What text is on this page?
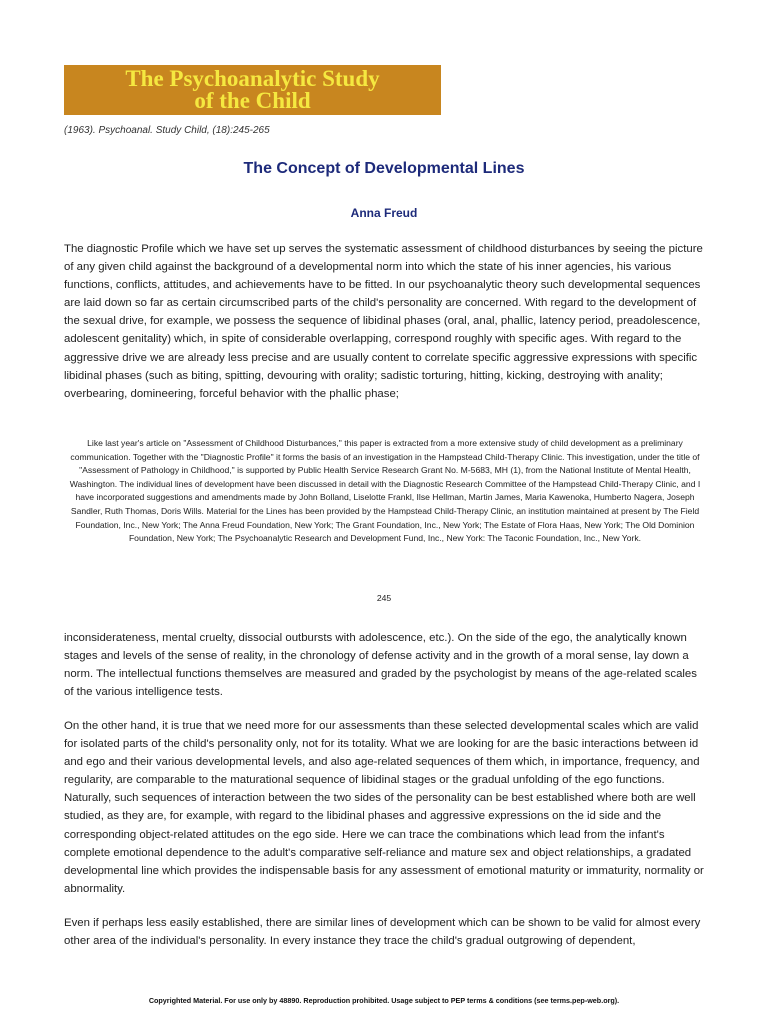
The Psychoanalytic Study
of the Child
(1963). Psychoanal. Study Child, (18):245-265
The Concept of Developmental Lines
Anna Freud

The diagnostic Profile which we have set up serves the systematic assessment of childhood disturbances by seeing the picture of any given child against the background of a developmental norm into which the state of his inner agencies, his various functions, conflicts, attitudes, and achievements have to be fitted. In our psychoanalytic theory such developmental sequences are laid down so far as certain circumscribed parts of the child's personality are concerned. With regard to the development of the sexual drive, for example, we possess the sequence of libidinal phases (oral, anal, phallic, latency period, preadolescence, adolescent genitality) which, in spite of considerable overlapping, correspond roughly with specific ages. With regard to the aggressive drive we are already less precise and are usually content to correlate specific aggressive expressions with specific libidinal phases (such as biting, spitting, devouring with orality; sadistic torturing, hitting, kicking, destroying with anality; overbearing, domineering, forceful behavior with the phallic phase;

Like last year's article on "Assessment of Childhood Disturbances," this paper is extracted from a more extensive study of child development as a preliminary communication. Together with the "Diagnostic Profile" it forms the basis of an investigation in the Hampstead Child-Therapy Clinic. This investigation, under the title of "Assessment of Pathology in Childhood," is supported by Public Health Service Research Grant No. M-5683, MH (1), from the National Institute of Mental Health, Washington. The individual lines of development have been discussed in detail with the Diagnostic Research Committee of the Hampstead Child-Therapy Clinic, and I have incorporated suggestions and amendments made by John Bolland, Liselotte Frankl, Ilse Hellman, Martin James, Maria Kawenoka, Humberto Nagera, Joseph Sandler, Ruth Thomas, Doris Wills. Material for the Lines has been provided by the Hampstead Child-Therapy Clinic, an institution maintained at present by The Field Foundation, Inc., New York; The Anna Freud Foundation, New York; The Grant Foundation, Inc., New York; The Estate of Flora Haas, New York; The Old Dominion Foundation, New York; The Psychoanalytic Research and Development Fund, Inc., New York: The Taconic Foundation, Inc., New York.

245

inconsiderateness, mental cruelty, dissocial outbursts with adolescence, etc.). On the side of the ego, the analytically known stages and levels of the sense of reality, in the chronology of defense activity and in the growth of a moral sense, lay down a norm. The intellectual functions themselves are measured and graded by the psychologist by means of the age-related scales of the various intelligence tests.

On the other hand, it is true that we need more for our assessments than these selected developmental scales which are valid for isolated parts of the child's personality only, not for its totality. What we are looking for are the basic interactions between id and ego and their various developmental levels, and also age-related sequences of them which, in importance, frequency, and regularity, are comparable to the maturational sequence of libidinal stages or the gradual unfolding of the ego functions. Naturally, such sequences of interaction between the two sides of the personality can be best established where both are well studied, as they are, for example, with regard to the libidinal phases and aggressive expressions on the id side and the corresponding object-related attitudes on the ego side. Here we can trace the combinations which lead from the infant's complete emotional dependence to the adult's comparative self-reliance and mature sex and object relationships, a gradated developmental line which provides the indispensable basis for any assessment of emotional maturity or immaturity, normality or abnormality.

Even if perhaps less easily established, there are similar lines of development which can be shown to be valid for almost every other area of the individual's personality. In every instance they trace the child's gradual outgrowing of dependent,

Copyrighted Material. For use only by 48890. Reproduction prohibited. Usage subject to PEP terms & conditions (see terms.pep-web.org).
